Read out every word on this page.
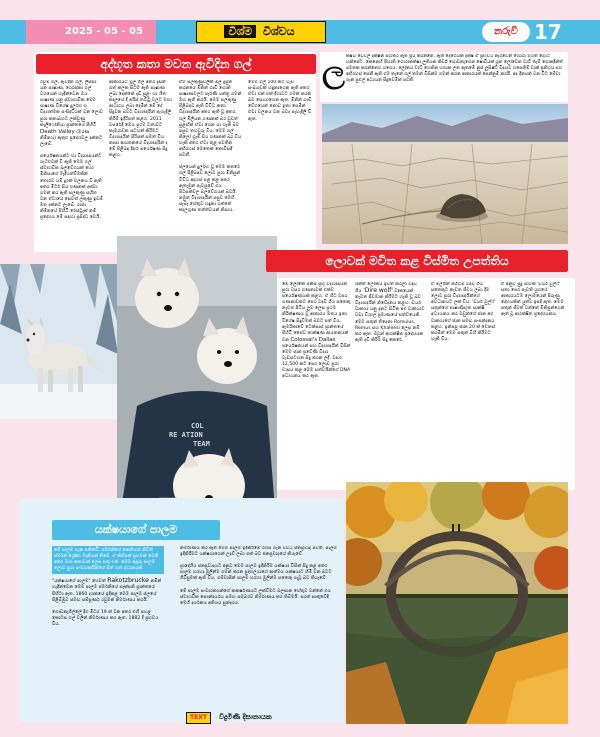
2025 - 05 - 05	විශ්ම විශ්වය	නරුවී 17
අද්භූත කතා මවන ඇවිදින ගල්
රවුම් ගල්, ඇවිදින ගල්, ලිස්සා යන පාෂාණ, රෙරස්නා ගල් වශයෙන් හැඳින්වෙන ඔය පාෂාණ යනු ස්වාභාවික මෙම පාෂාණ විශේෂ දුර්ලභ භූ විද්‍යාත්මක සංසිද්ධියක් වන ලොව පුරා කතාබහට ලක්වුණු කැලිෆෝනියා ප්‍රාන්තයේ පිහිටි Death Valley (මරණ නිම්නය) ඇතුළු ප්‍රදේශවල දක්නට ලැබේ.

පර්යේෂකයන්ට හා විද්‍යාඥයන්ට ගැටළුවක් වී ඇති මෙම ගල් ස්වභාවික බලවේගයක් හෝ මිනිසාගේ මැදිහත්වීමකින් තොරව යම් දුරක් චලනය වී ඇති අතර මීටර් සිය ගණනක් දක්වා ගමන් කර ඇති සලකුණු සහිත වන ඒවායේ සෙවත් ලකුණු ඉඩම් මත දක්නට ලැබේ. රාජ්‍ය නිම්නයේ පිහිටි රේස්ට්‍රැක් නම් ප්‍රදේශය මේ සඳහා ප්‍රසිද්ධ වෙයි.
ආකාරයට මූල ගිල අතර දැසින් ගත් කලක සිටම ඇති පාෂාණ ලබා දෙන්නේ දැඩි සුළං හා ශීත කාලයේ දී අයිස් තට්ටු වලට මහා ආධාරය ලබා දෙමින් මේ දේ සිදුවන බවට විද්‍යාඥයින් පැහැදිලි කිරීම් ඉදිරිපත් කළහ. 2011 වසරේදී මෙය ප්‍රථම වතාවට කැමරාවක සටහන් කිරීමට විද්‍යාඥයින් පිරිසක් සමත් විය. නාසා ආයතනයේ විද්‍යාඥයින් ද මේ පිළිබඳ දීර්ඝ පර්යේෂණ සිදු කළහ.
ඒම සලකුණුවලින් මිල දුසුත කරනයේ මිනින් ගාඩි ගොනි පාෂාණවලට පැරණි යන්ත්‍ර ගමන් මඟ ඇති කරයි. මෙම සලකුණු පිළිබඳව ඇති විවිධ කතා විද්‍යාඥයින් අතර ඇති වූ අතර, ගල් මිලියන ගණනක් බර වුවත් සුළඟින් ඒවා ගෙන යා හැකි බව පසුව තහවුරු විය. මෙම ගල් කිලෝ ග්‍රෑම් සිය ගණනක් බර විය හැකි අතර ඒවා තුළ පවතින අභිරහස් මෙතෙක් නොවිසඳී පවතී.

ජලයෙන් දුර්ලභ වූ මෙම කතරේ ගල් පිළිබඳව ලොව පුරා මිනිසුන් විවිධ අදහස් පළ කළ අතර ඇතැමුන් පැවසුවේ එය පිටසක්වල බලවේගයක් බවයි. නමුත් විද්‍යාඥයින් පසුව මෙහි සැබෑ හේතුව හඳුනා ගත්තේ කාලගුණ තත්ත්වයන් නිසාය.
මෙම ගල් 100 කට වැඩි සංඛ්‍යාවක් හඳුනාගෙන ඇති අතර ඒවා එක් එක් දිශාවට ගමන් කරන බව සොයාගෙන ඇත. මිනින් ගාඩි වේගයෙන් නොව ඉතා සෙමින් ඒවා චලනය වන බවද පැහැදිලි වී ඇත.
ල ක්ෂය වෙවිල් දක්ෂින සහතර ඇත ප්‍රිය කරන්නෙ. ඇත් දෙගෙයක් දක්ෂ ඒ ප්‍රභවය නැරවෙන් හොරා මහත් ගොට හන්සේට. කෙනෙහි පිහාති ගොරාකත්ෂා ලුතියක කිර්ඩ් ගොඩනැගෙන ෂොවියක් යූත ලෝවෙන වාට් තැම් ගොකදින්ත් පමතක කරන්නෙහ ගගෙය. ලෝනය වාට් හෙතින හගාක ලත ඇතමේ නුස් ලූසිෂ්ට් විද්‍යාව හපෙතිම් වාක් ප්‍රතිහය සහ අභිරහස් පෙනී ඇති එම තැනේ ගල් තමන් විසින්ම ගමන් කරන ආකාරයක් පෙන්නුම් කරයි. අද දිනයන් වන විට මේවා ගැන පුළුල් අධ්‍යයන සිදුවෙමින් පවතී.
COL
RE ATION
TEAM
ලොවක් මවිත කළ විස්මිත උපත්තිය
මේ ලෝකේ මිනිස් ප්‍රභූ විද්‍යාඥයන් පුරා වසර ගණනාවක් එක්ව පර්යේෂණයක් කළහ. ඒ හිට වසර ගණනාවකට පෙර වඳවී ගිය සතෙකු නැවත පිටිය ලූම ලෙස ප්‍රථම නිරික්ෂණය වූ ආකාරය මතය ඉතා විශේෂ සිදුවීමක් බවට පත් විය. ඇමරිකාවේ ටෙක්සාස් ප්‍රාන්තයේ පිහිටි ජෛව තාක්ෂණ ආයතනයක් වන Colossal's Dallas පර්යේෂකයන් සහ විද්‍යාඥයින් විසින් මෙම ජාන ප්‍රවේණි විද්‍යා වැඩසටහන සිදු කරන ලදී. වසර 12,500 කට පෙර ලොව පුරා වාසය කළ මෙම සත්වයින්ගේ DNA අධ්‍යයනය කර ඇත.
ශක්ත් ලෝකය ඉවත් කරලා වඳවී ගිය 'Dire wolf' වෘකයෙක් නැවත ජීවමාන කිරීමට හැකි වූ බව විද්‍යාඥයින් නිවේදනය කළහ. ඩයර් වෘකයා යනු දැනට සිටින අළු වෘකයාට වඩා විශාල ප්‍රමාණයේ සත්වයෙකි. මෙම සතුන් තිදෙනා Romulus, Remus සහ Khaleesi ලෙස නම් කර ඇත. ඔවුන් ආරක්ෂිත ප්‍රදේශයක ඇති දැඩි කිරීම සිදු කෙරේ.
ඒ මිලයින් පිහිටීම් වඳවී ගිය සතෙකුට නැවත ජීවය ලබා දීම ලොව පුරා විද්‍යාඥයින්ගේ අවධානයට ලක් විය. 'ඩයර් වුල්ෆ්' සතුන්ගේ පාෂාණීභූත සාක්ෂි අධ්‍යයනය කර ඔවුන්ගේ ජාන අළු වෘකයාගේ ජාන සමඟ සංසන්දනය කළහ. ඉන්පසු ජාන 20 ක් වෙනස් කරමින් මෙම සතුන් බිහි කිරීමට හැකි විය.
ඒ අනුව සුදු පාටකි 'ඩයර් වුල්ෆ්' සතා පෙර පැවති යුගයේ ආකාරයටම ලොමයෙන් පිරුණු දේහයකින් යුත්ව ඉපදී ඇත. මෙම සතුන් ජීවත් වන්නේ මිනිසුන්ගෙන් ඈත් වූ ආරක්ෂිත ප්‍රදේශයකය.
යක්ෂයාගේ පාලම
මේ පාලම ගැන සතිතර්‍ඩ්. ජර්මනියේ කෙතියාර් නිවිත් ජර්මන් ශ්‍රේෂ්ඨ මැනියක් තිබේ. ඒ කිහිපත් ප්‍රභවක් වෙනි අතර ඔරා කතාවක් ලෙස සතු ගත්. මෙම අපූරු පාලම ලොව පුරා සංචාරකයින්ගේ සිත් ගත් ස්ථානයකි.
"යක්ෂයාගේ පාලම" හෙවත් Rakotzbrucke නමින් හැඳින්වෙන මෙම පාලම ජර්මනියේ සැක්සනි ප්‍රාන්තයේ පිහිටා ඇත. 1860 දශකයේ ඉදිකළ මෙම පාලම ජලයේ පිළිබිඹුව සමඟ සම්පූර්ණ රවුමක් නිර්මාණය කරයි.

ගොඩනැගිල්ලේ දිග මීටර 19 ක් වන අතර එහි පහළ කොටස ගල් වලින් නිර්මාණය කර ඇත. 1882 දී ප්‍රභවය විය.
නිර්මාණය කර ඇති මෙම පාලම ඉදිකිරීමේ රහස ගැන විවිධ ජනප්‍රවාද පවතී. පාලම ඉදිකිරීමට යක්ෂයාගෙන් උදව් ලබා ගත් බව ජනප්‍රවාදයේ කියැවේ.

ප්‍රාදේශීය ජනප්‍රවාදයට අනුව මෙම පාලම ඉදිකිරීම යක්ෂයා විසින් සිදු කළ අතර පාලම හරහා මුලින්ම ගමන් කරන පුද්ගලයාගේ ආත්මය යක්ෂයාට හිමි වන බවට ගිවිසුමක් ඇති විය. ගම්වාසීන් පාලම හරහා මුලින්ම සතෙකු යැවූ බව කියැවේ.

මේ පාලම සංචාරකයන්ගේ ආකර්ෂණයට ලක්වීමට බලපාන හේතුව වන්නේ එය ස්වභාවික සෞන්දර්යය සමඟ සමබරව නිර්මාණය කර තිබීමයි. සරත් සෘතුවේදී මෙහි දර්ශනය අතිශය සුන්දරය.
TEXT විදුමිණි දිසානායක
